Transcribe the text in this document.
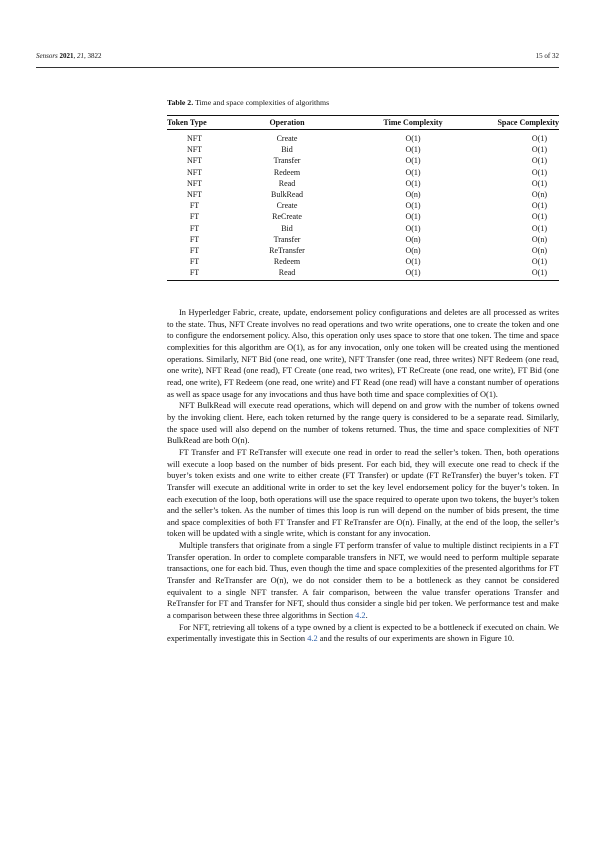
Sensors 2021, 21, 3822	15 of 32
Table 2. Time and space complexities of algorithms
Token Type	Operation	Time Complexity	Space Complexity
NFT	Create	O(1)	O(1)
NFT	Bid	O(1)	O(1)
NFT	Transfer	O(1)	O(1)
NFT	Redeem	O(1)	O(1)
NFT	Read	O(1)	O(1)
NFT	BulkRead	O(n)	O(n)
FT	Create	O(1)	O(1)
FT	ReCreate	O(1)	O(1)
FT	Bid	O(1)	O(1)
FT	Transfer	O(n)	O(n)
FT	ReTransfer	O(n)	O(n)
FT	Redeem	O(1)	O(1)
FT	Read	O(1)	O(1)

In Hyperledger Fabric, create, update, endorsement policy configurations and deletes are all processed as writes to the state. Thus, NFT Create involves no read operations and two write operations, one to create the token and one to configure the endorsement policy. Also, this operation only uses space to store that one token. The time and space complexities for this algorithm are O(1), as for any invocation, only one token will be created using the mentioned operations. Similarly, NFT Bid (one read, one write), NFT Transfer (one read, three writes) NFT Redeem (one read, one write), NFT Read (one read), FT Create (one read, two writes), FT ReCreate (one read, one write), FT Bid (one read, one write), FT Redeem (one read, one write) and FT Read (one read) will have a constant number of operations as well as space usage for any invocations and thus have both time and space complexities of O(1).

NFT BulkRead will execute read operations, which will depend on and grow with the number of tokens owned by the invoking client. Here, each token returned by the range query is considered to be a separate read. Similarly, the space used will also depend on the number of tokens returned. Thus, the time and space complexities of NFT BulkRead are both O(n).

FT Transfer and FT ReTransfer will execute one read in order to read the seller’s token. Then, both operations will execute a loop based on the number of bids present. For each bid, they will execute one read to check if the buyer’s token exists and one write to either create (FT Transfer) or update (FT ReTransfer) the buyer’s token. FT Transfer will execute an additional write in order to set the key level endorsement policy for the buyer’s token. In each execution of the loop, both operations will use the space required to operate upon two tokens, the buyer’s token and the seller’s token. As the number of times this loop is run will depend on the number of bids present, the time and space complexities of both FT Transfer and FT ReTransfer are O(n). Finally, at the end of the loop, the seller’s token will be updated with a single write, which is constant for any invocation.

Multiple transfers that originate from a single FT perform transfer of value to multiple distinct recipients in a FT Transfer operation. In order to complete comparable transfers in NFT, we would need to perform multiple separate transactions, one for each bid. Thus, even though the time and space complexities of the presented algorithms for FT Transfer and ReTransfer are O(n), we do not consider them to be a bottleneck as they cannot be considered equivalent to a single NFT transfer. A fair comparison, between the value transfer operations Transfer and ReTransfer for FT and Transfer for NFT, should thus consider a single bid per token. We performance test and make a comparison between these three algorithms in Section 4.2.

For NFT, retrieving all tokens of a type owned by a client is expected to be a bottleneck if executed on chain. We experimentally investigate this in Section 4.2 and the results of our experiments are shown in Figure 10.
